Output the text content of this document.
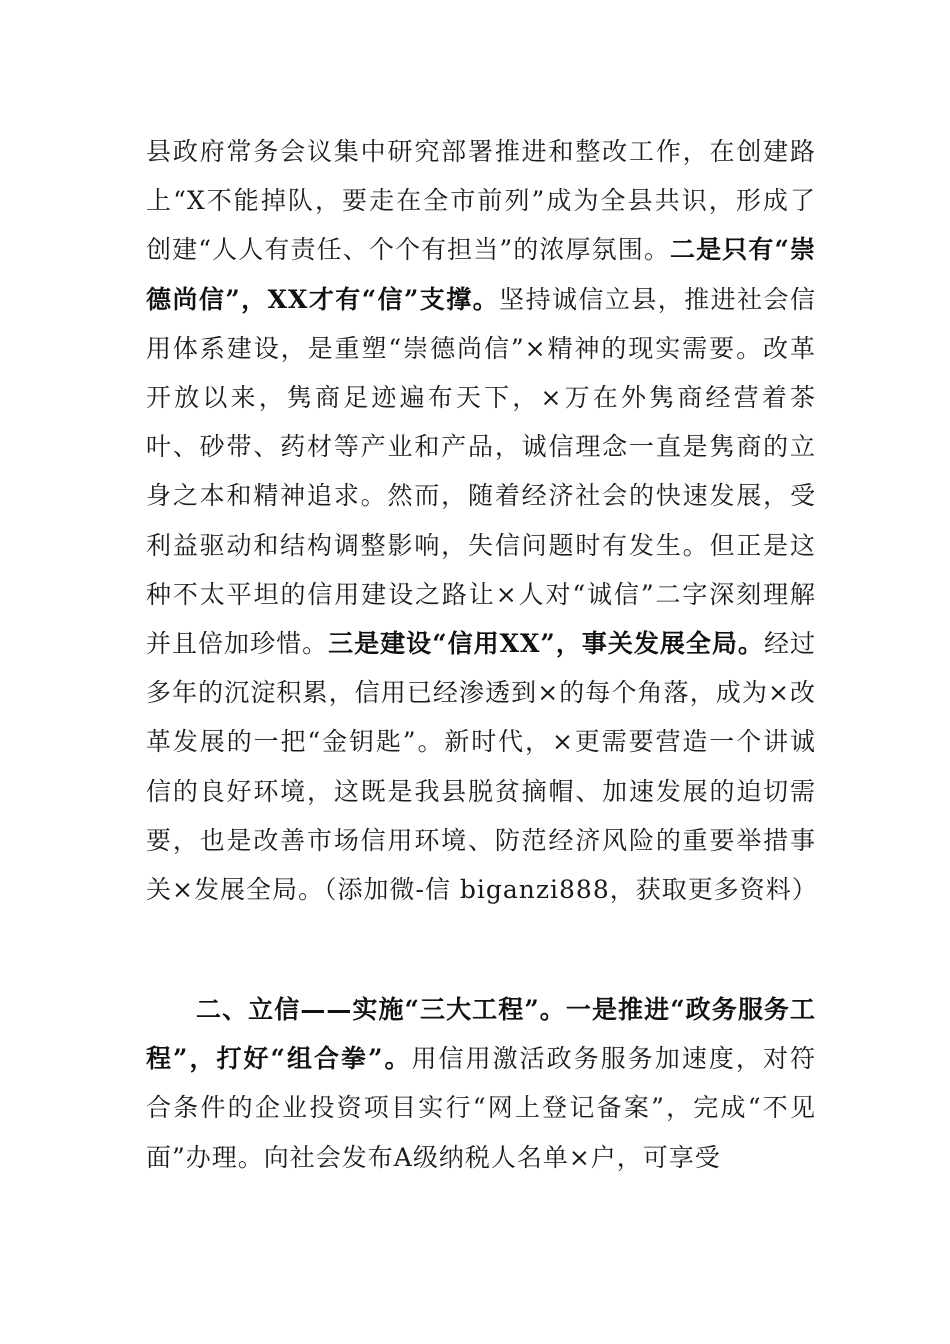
县政府常务会议集中研究部署推进和整改工作，在创建路上“X不能掉队，要走在全市前列”成为全县共识，形成了创建“人人有责任、个个有担当”的浓厚氛围。二是只有“崇德尚信”，XX才有“信”支撑。坚持诚信立县，推进社会信用体系建设，是重塑“崇德尚信”×精神的现实需要。改革开放以来，隽商足迹遍布天下，×万在外隽商经营着茶叶、砂带、药材等产业和产品，诚信理念一直是隽商的立身之本和精神追求。然而，随着经济社会的快速发展，受利益驱动和结构调整影响，失信问题时有发生。但正是这种不太平坦的信用建设之路让×人对“诚信”二字深刻理解并且倍加珍惜。三是建设“信用XX”，事关发展全局。经过多年的沉淀积累，信用已经渗透到×的每个角落，成为×改革发展的一把“金钥匙”。新时代，×更需要营造一个讲诚信的良好环境，这既是我县脱贫摘帽、加速发展的迫切需要，也是改善市场信用环境、防范经济风险的重要举措事关×发展全局。（添加微-信 biganzi888，获取更多资料）

二、立信——实施“三大工程”。一是推进“政务服务工程”，打好“组合拳”。用信用激活政务服务加速度，对符合条件的企业投资项目实行“网上登记备案”，完成“不见面”办理。向社会发布A级纳税人名单×户，可享受
